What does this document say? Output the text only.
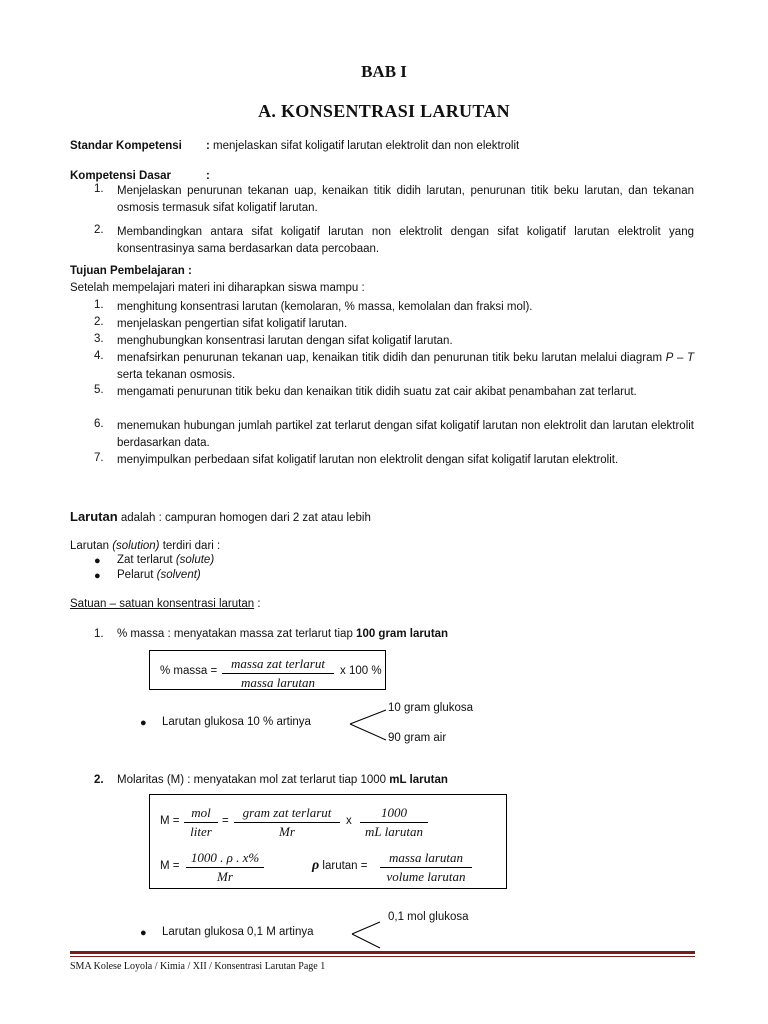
BAB I
A. KONSENTRASI LARUTAN
Standar Kompetensi : menjelaskan sifat koligatif larutan elektrolit dan non elektrolit
Kompetensi Dasar	:
1.	Menjelaskan penurunan tekanan uap, kenaikan titik didih larutan, penurunan titik beku larutan, dan tekanan osmosis termasuk sifat koligatif larutan.
2.	Membandingkan antara sifat koligatif larutan non elektrolit dengan sifat koligatif larutan elektrolit yang konsentrasinya sama berdasarkan data percobaan.
Tujuan Pembelajaran :
Setelah mempelajari materi ini diharapkan siswa mampu :
1.	menghitung konsentrasi larutan (kemolaran, % massa, kemolalan dan fraksi mol).
2.	menjelaskan pengertian sifat koligatif larutan.
3.	menghubungkan konsentrasi larutan dengan sifat koligatif larutan.
4.	menafsirkan penurunan tekanan uap, kenaikan titik didih dan penurunan titik beku larutan melalui diagram P – T serta tekanan osmosis.
5.	mengamati penurunan titik beku dan kenaikan titik didih suatu zat cair akibat penambahan zat terlarut.
6.	menemukan hubungan jumlah partikel zat terlarut dengan sifat koligatif larutan non elektrolit dan larutan elektrolit berdasarkan data.
7.	menyimpulkan perbedaan sifat koligatif larutan non elektrolit dengan sifat koligatif larutan elektrolit.
Larutan adalah : campuran homogen dari 2 zat atau lebih
Larutan (solution) terdiri dari :
● Zat terlarut (solute)
● Pelarut (solvent)
Satuan – satuan konsentrasi larutan :
1. % massa : menyatakan massa zat terlarut tiap 100 gram larutan
% massa =	massa zat terlarut
massa larutan
x 100 %
● Larutan glukosa 10 % artinya
10 gram glukosa
90 gram air
2. Molaritas (M) : menyatakan mol zat terlarut tiap 1000 mL larutan
M =
mol
liter
=
gram zat terlarut
Mr
x
1000
mL larutan
M =
1000 . ρ . x%
Mr
ρ larutan =
massa larutan
volume larutan
● Larutan glukosa 0,1 M artinya
0,1 mol glukosa
SMA Kolese Loyola / Kimia / XII / Konsentrasi Larutan Page 1
